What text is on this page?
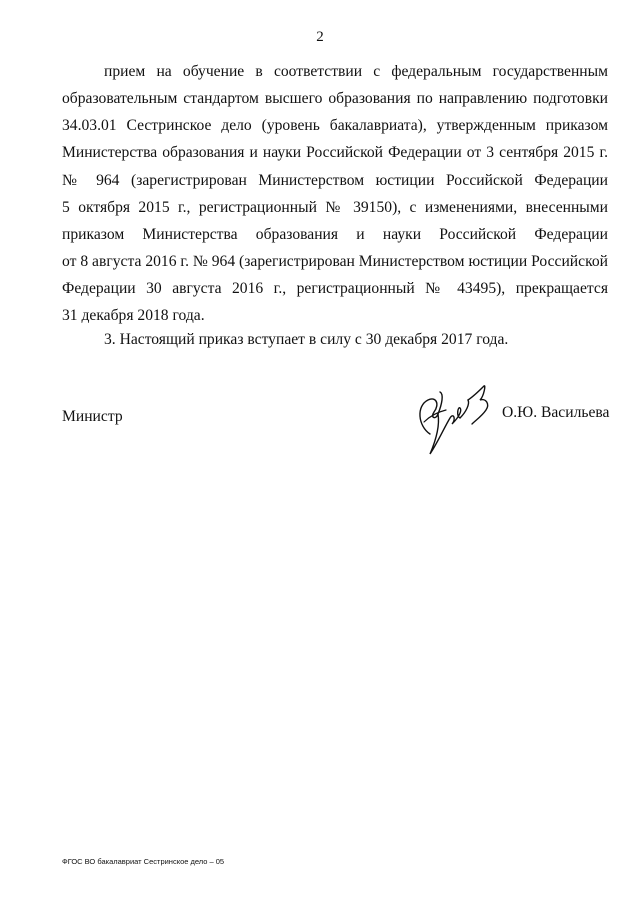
2
прием на обучение в соответствии с федеральным государственным
образовательным стандартом высшего образования по направлению подготовки
34.03.01 Сестринское дело (уровень бакалавриата), утвержденным приказом
Министерства образования и науки Российской Федерации от 3 сентября 2015 г.
№ 964 (зарегистрирован Министерством юстиции Российской Федерации
5 октября 2015 г., регистрационный № 39150), с изменениями, внесенными
приказом Министерства образования и науки Российской Федерации
от 8 августа 2016 г. № 964 (зарегистрирован Министерством юстиции Российской
Федерации 30 августа 2016 г., регистрационный № 43495), прекращается
31 декабря 2018 года.
3. Настоящий приказ вступает в силу с 30 декабря 2017 года.
Министр	О.Ю. Васильева
ФГОС ВО бакалавриат Сестринское дело – 05
